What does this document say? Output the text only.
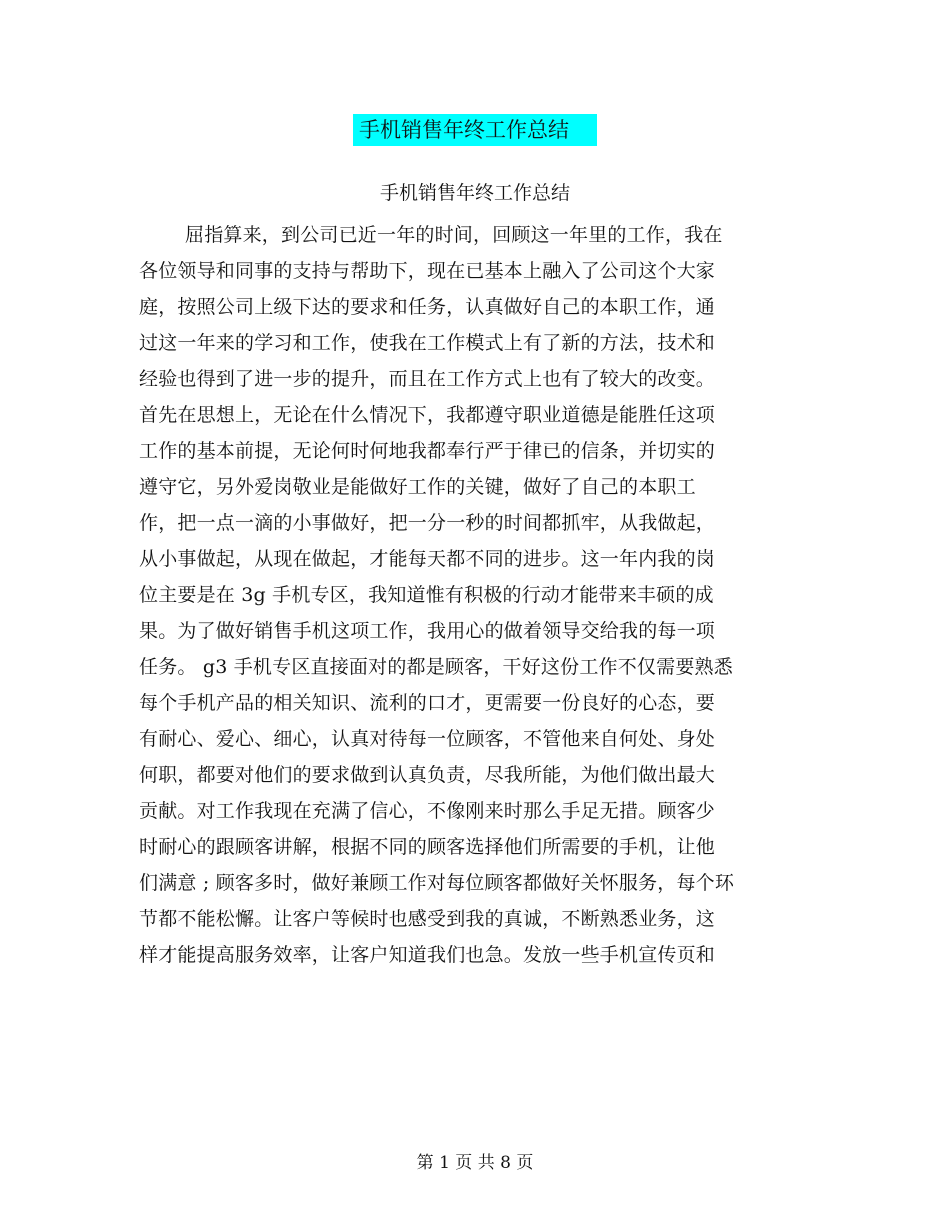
手机销售年终工作总结
手机销售年终工作总结
屈指算来，到公司已近一年的时间，回顾这一年里的工作，我在
各位领导和同事的支持与帮助下，现在已基本上融入了公司这个大家
庭，按照公司上级下达的要求和任务，认真做好自己的本职工作，通
过这一年来的学习和工作，使我在工作模式上有了新的方法，技术和
经验也得到了进一步的提升，而且在工作方式上也有了较大的改变。
首先在思想上，无论在什么情况下，我都遵守职业道德是能胜任这项
工作的基本前提，无论何时何地我都奉行严于律已的信条，并切实的
遵守它，另外爱岗敬业是能做好工作的关键，做好了自己的本职工
作，把一点一滴的小事做好，把一分一秒的时间都抓牢，从我做起，
从小事做起，从现在做起，才能每天都不同的进步。这一年内我的岗
位主要是在 3g 手机专区，我知道惟有积极的行动才能带来丰硕的成
果。为了做好销售手机这项工作，我用心的做着领导交给我的每一项
任务。 g3 手机专区直接面对的都是顾客，干好这份工作不仅需要熟悉
每个手机产品的相关知识、流利的口才，更需要一份良好的心态，要
有耐心、爱心、细心，认真对待每一位顾客，不管他来自何处、身处
何职，都要对他们的要求做到认真负责，尽我所能，为他们做出最大
贡献。对工作我现在充满了信心，不像刚来时那么手足无措。顾客少
时耐心的跟顾客讲解，根据不同的顾客选择他们所需要的手机，让他
们满意 ; 顾客多时，做好兼顾工作对每位顾客都做好关怀服务，每个环
节都不能松懈。让客户等候时也感受到我的真诚，不断熟悉业务，这
样才能提高服务效率，让客户知道我们也急。发放一些手机宣传页和
第 1 页 共 8 页
